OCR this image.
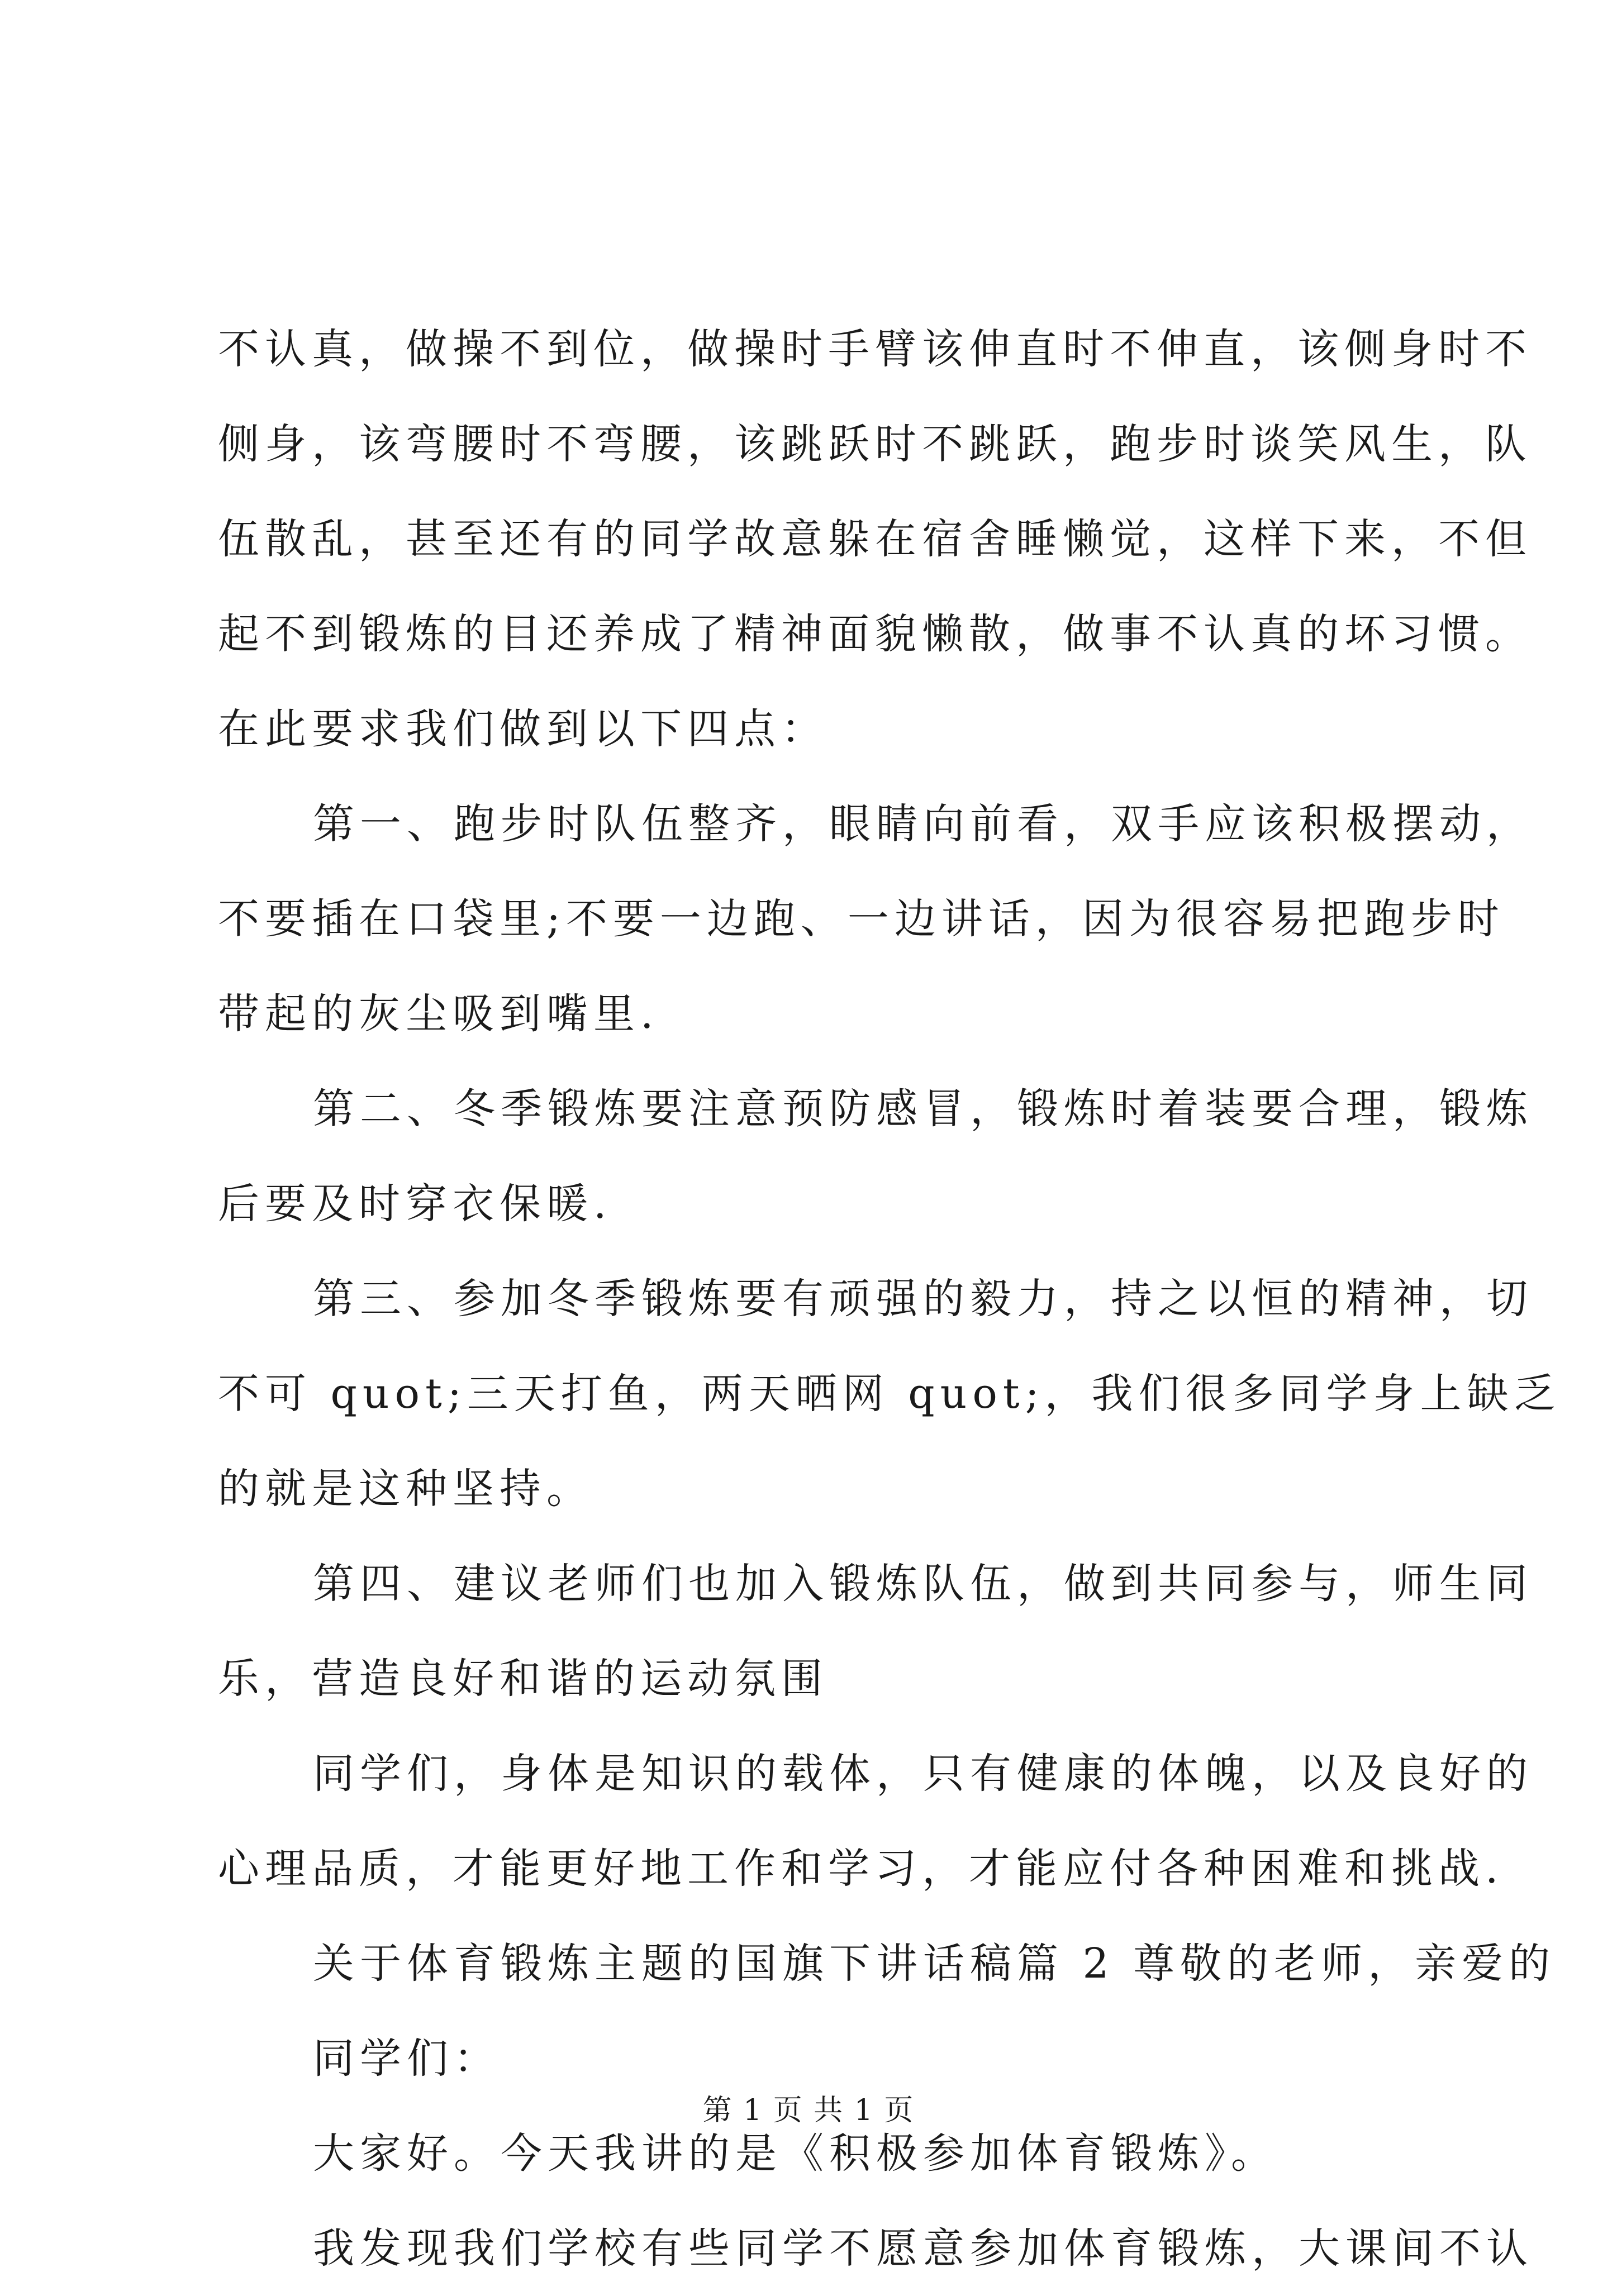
不认真，做操不到位，做操时手臂该伸直时不伸直，该侧身时不
侧身，该弯腰时不弯腰，该跳跃时不跳跃，跑步时谈笑风生，队
伍散乱，甚至还有的同学故意躲在宿舍睡懒觉，这样下来，不但
起不到锻炼的目还养成了精神面貌懒散，做事不认真的坏习惯。
在此要求我们做到以下四点：
第一、跑步时队伍整齐，眼睛向前看，双手应该积极摆动，
不要插在口袋里;不要一边跑、一边讲话，因为很容易把跑步时
带起的灰尘吸到嘴里.
第二、冬季锻炼要注意预防感冒，锻炼时着装要合理，锻炼
后要及时穿衣保暖.
第三、参加冬季锻炼要有顽强的毅力，持之以恒的精神，切
不可 quot;三天打鱼，两天晒网 quot;，我们很多同学身上缺乏
的就是这种坚持。
第四、建议老师们也加入锻炼队伍，做到共同参与，师生同
乐，营造良好和谐的运动氛围
同学们，身体是知识的载体，只有健康的体魄，以及良好的
心理品质，才能更好地工作和学习，才能应付各种困难和挑战.
关于体育锻炼主题的国旗下讲话稿篇 2 尊敬的老师，亲爱的
同学们：
大家好。今天我讲的是《积极参加体育锻炼》。
我发现我们学校有些同学不愿意参加体育锻炼，大课间不认
第 1 页 共 1 页
